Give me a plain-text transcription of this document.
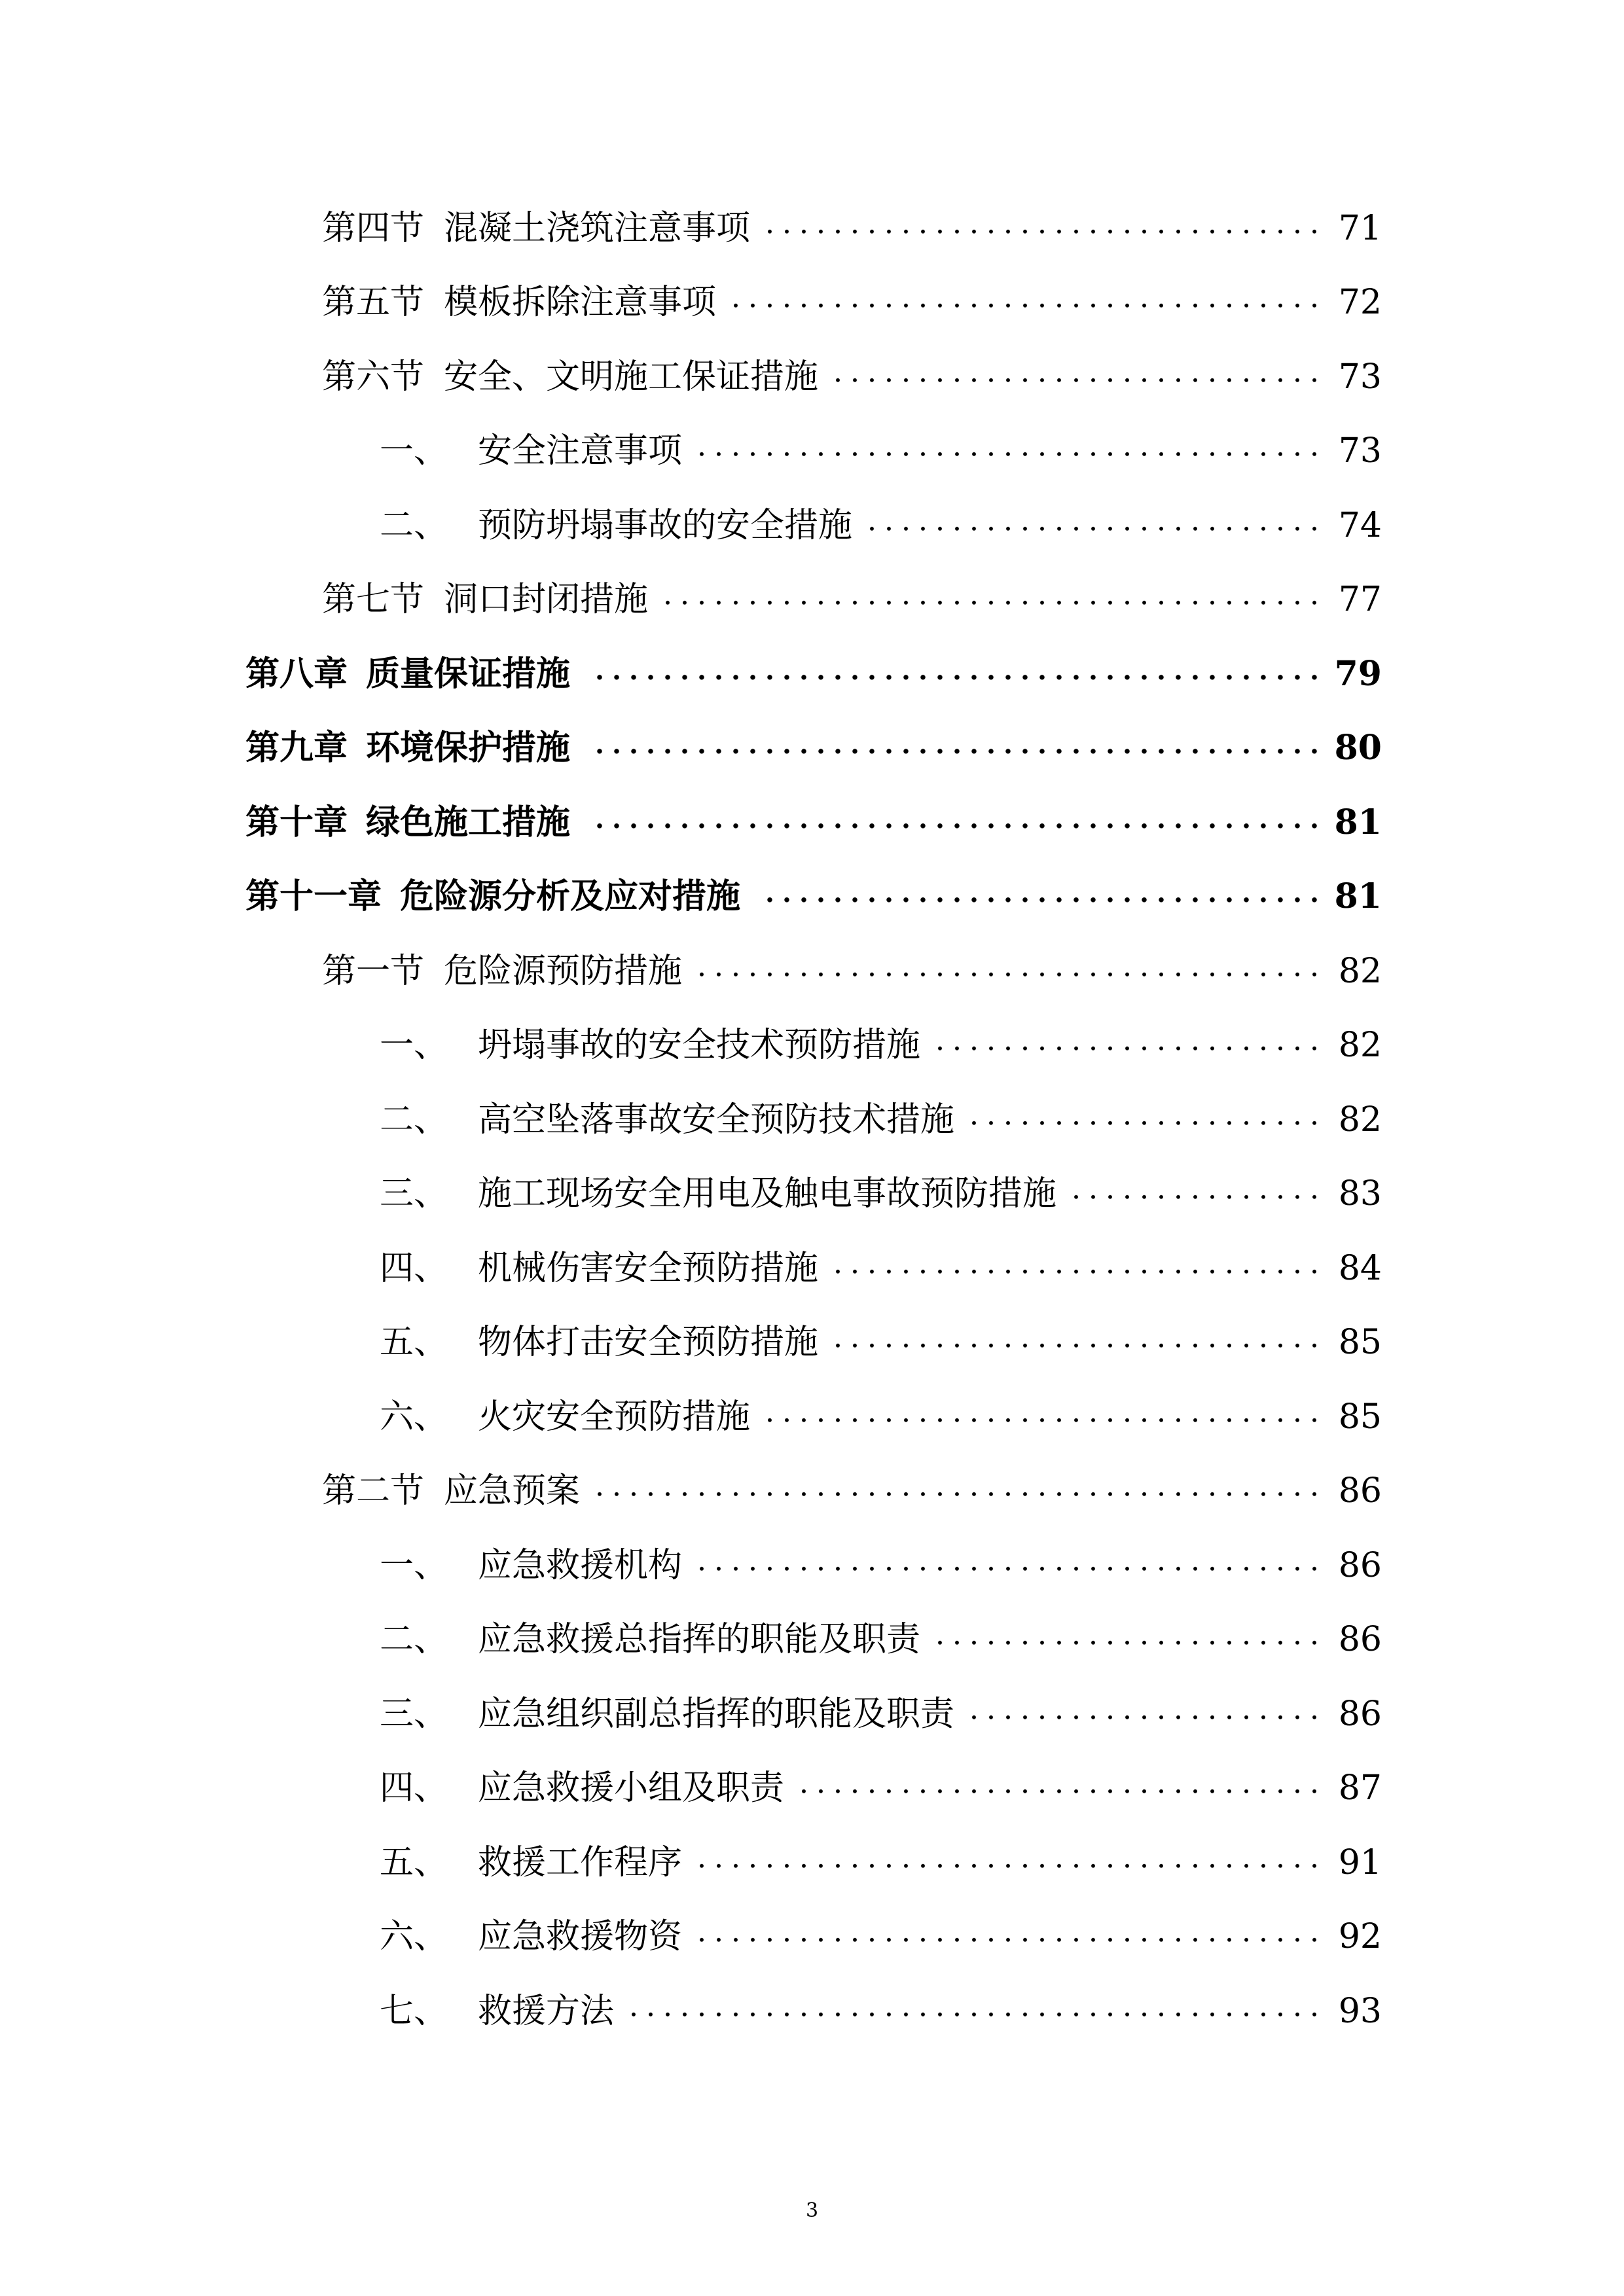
第四节 混凝土浇筑注意事项	71
第五节 模板拆除注意事项	72
第六节 安全、文明施工保证措施	73
一、 安全注意事项	73
二、 预防坍塌事故的安全措施	74
第七节 洞口封闭措施	77
第八章 质量保证措施	79
第九章 环境保护措施	80
第十章 绿色施工措施	81
第十一章 危险源分析及应对措施	81
第一节 危险源预防措施	82
一、 坍塌事故的安全技术预防措施	82
二、 高空坠落事故安全预防技术措施	82
三、 施工现场安全用电及触电事故预防措施	83
四、 机械伤害安全预防措施	84
五、 物体打击安全预防措施	85
六、 火灾安全预防措施	85
第二节 应急预案	86
一、 应急救援机构	86
二、 应急救援总指挥的职能及职责	86
三、 应急组织副总指挥的职能及职责	86
四、 应急救援小组及职责	87
五、 救援工作程序	91
六、 应急救援物资	92
七、 救援方法	93
3
